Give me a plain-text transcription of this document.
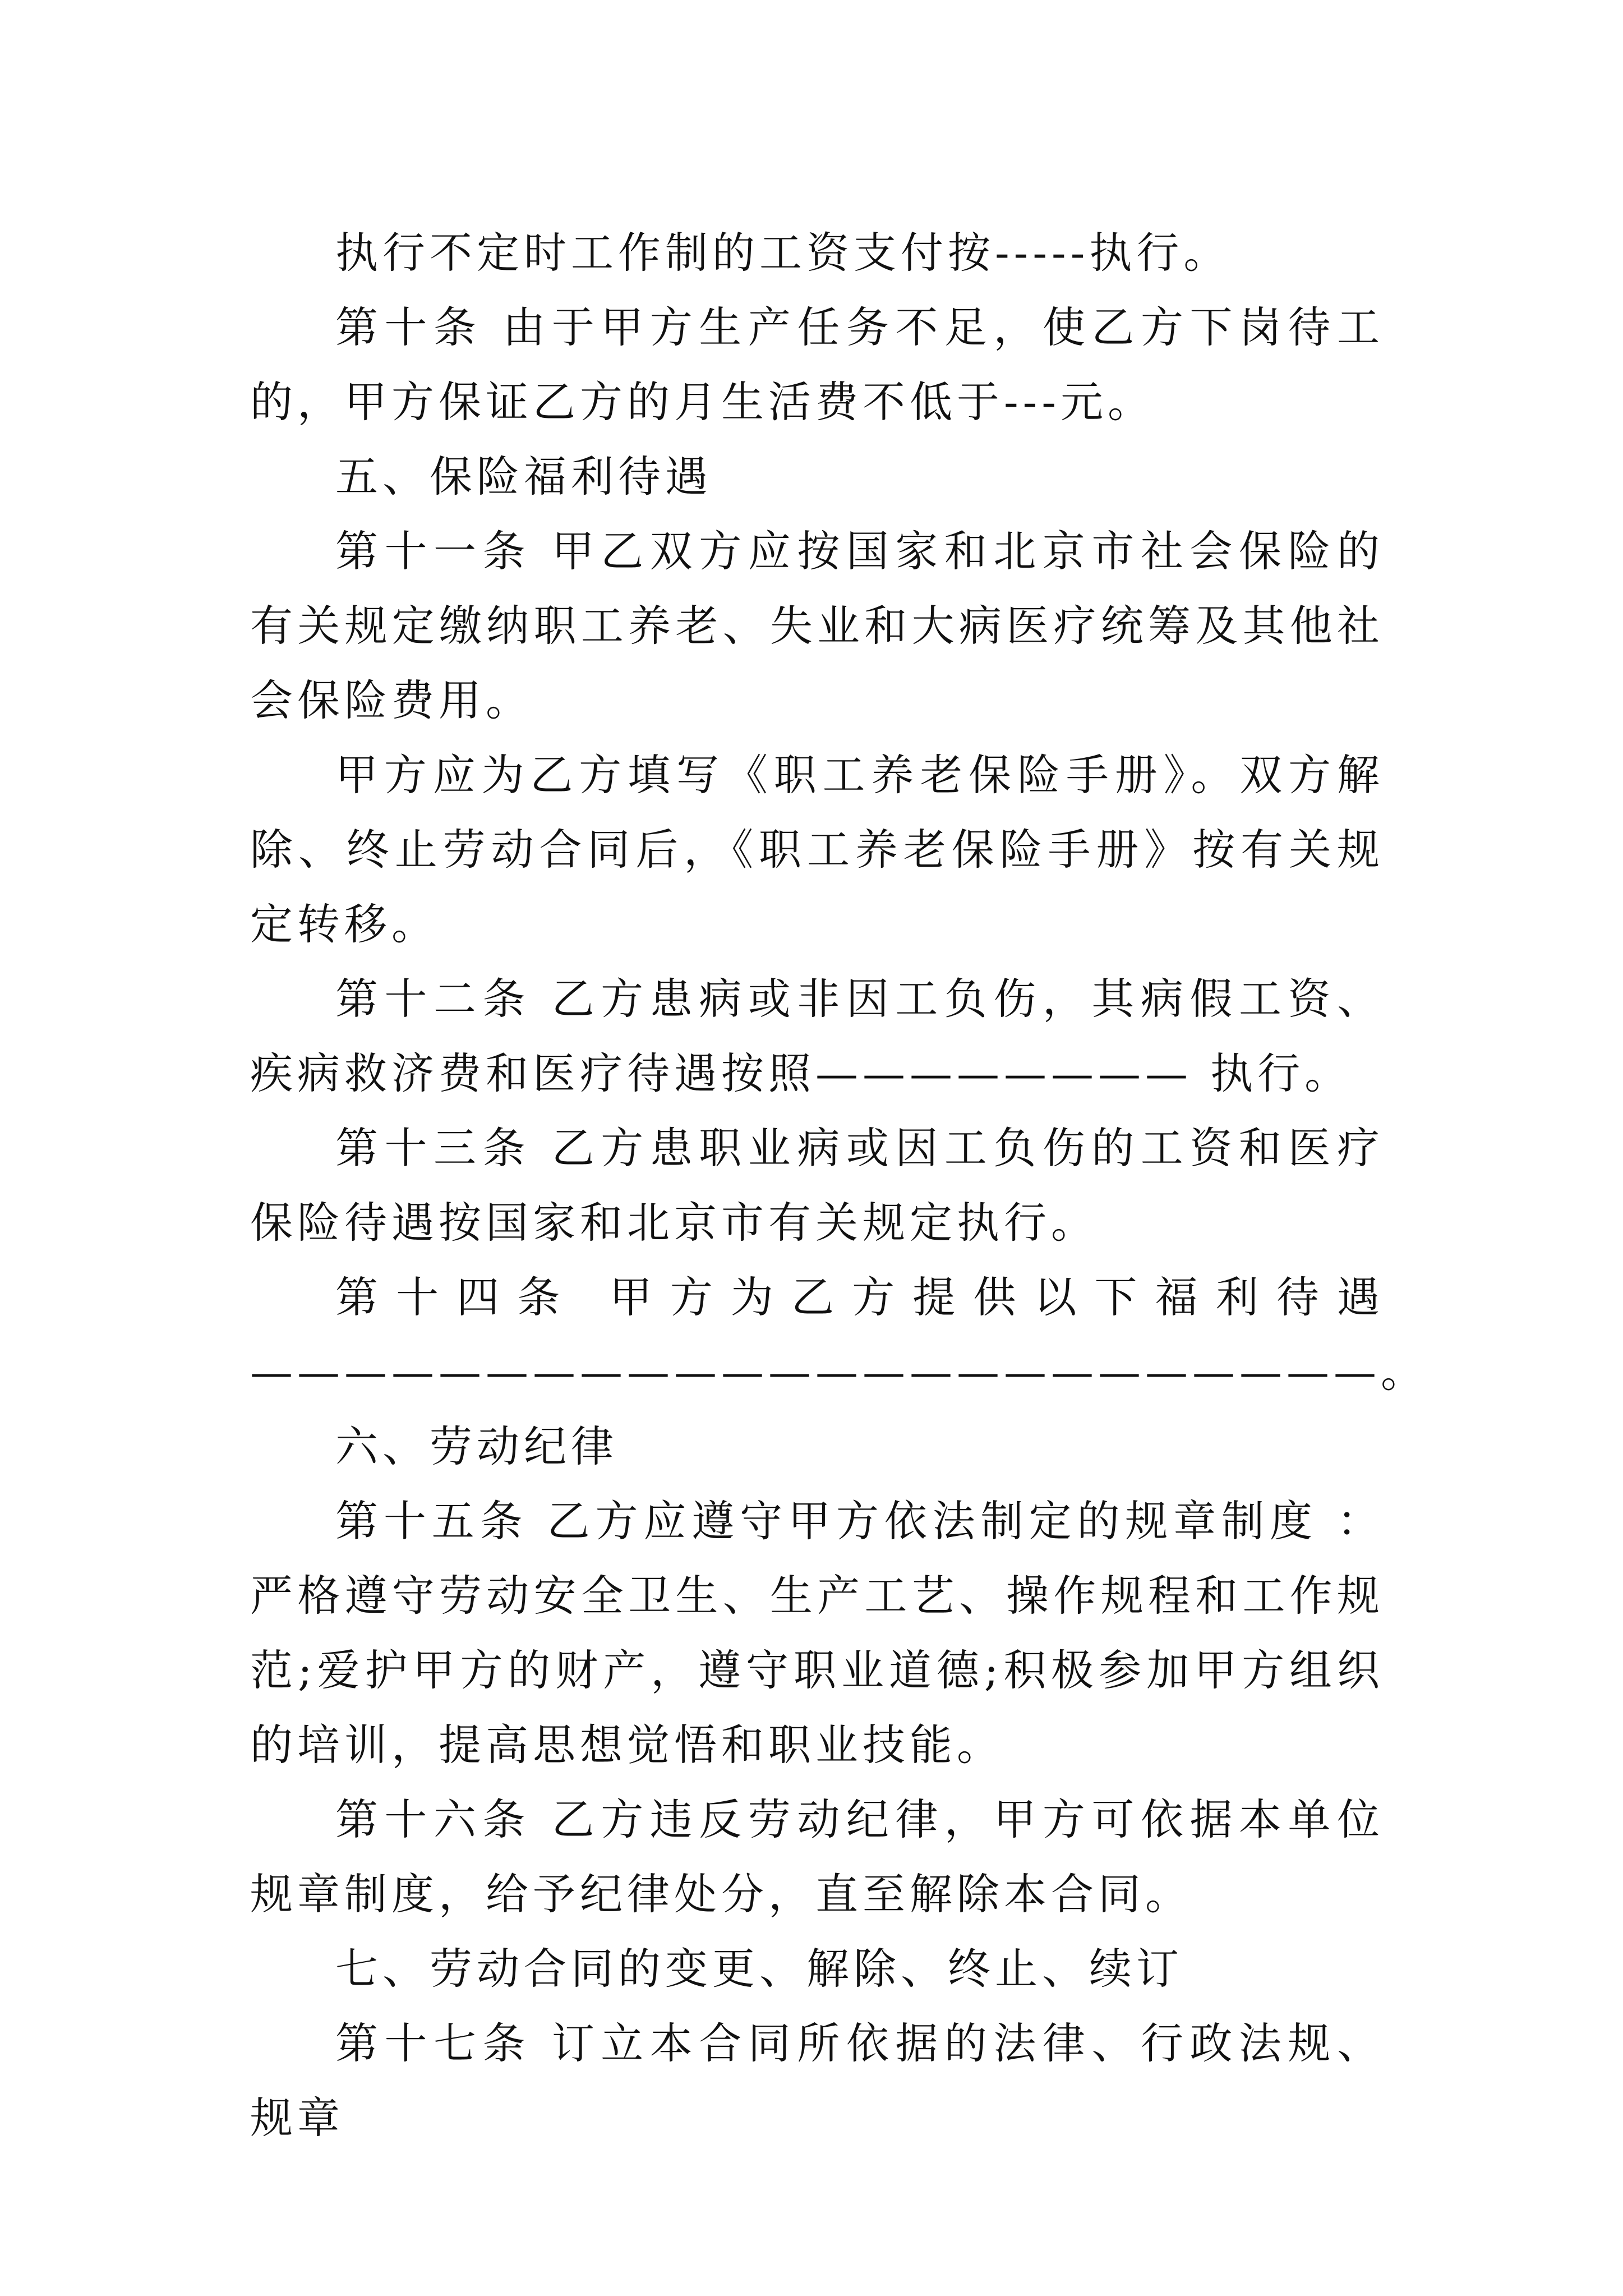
执行不定时工作制的工资支付按-----执行。

第十条 由于甲方生产任务不足，使乙方下岗待工的，甲方保证乙方的月生活费不低于---元。

五、保险福利待遇

第十一条 甲乙双方应按国家和北京市社会保险的有关规定缴纳职工养老、失业和大病医疗统筹及其他社会保险费用。

甲方应为乙方填写《职工养老保险手册》。双方解除、终止劳动合同后，《职工养老保险手册》按有关规定转移。

第十二条 乙方患病或非因工负伤，其病假工资、疾病救济费和医疗待遇按照———————— 执行。

第十三条 乙方患职业病或因工负伤的工资和医疗保险待遇按国家和北京市有关规定执行。

第十四条 甲方为乙方提供以下福利待遇

————————————————————————。

六、劳动纪律

第十五条 乙方应遵守甲方依法制定的规章制度 ：严格遵守劳动安全卫生、生产工艺、操作规程和工作规范;爱护甲方的财产，遵守职业道德;积极参加甲方组织的培训，提高思想觉悟和职业技能。

第十六条 乙方违反劳动纪律，甲方可依据本单位规章制度，给予纪律处分，直至解除本合同。

七、劳动合同的变更、解除、终止、续订

第十七条 订立本合同所依据的法律、行政法规、规章
